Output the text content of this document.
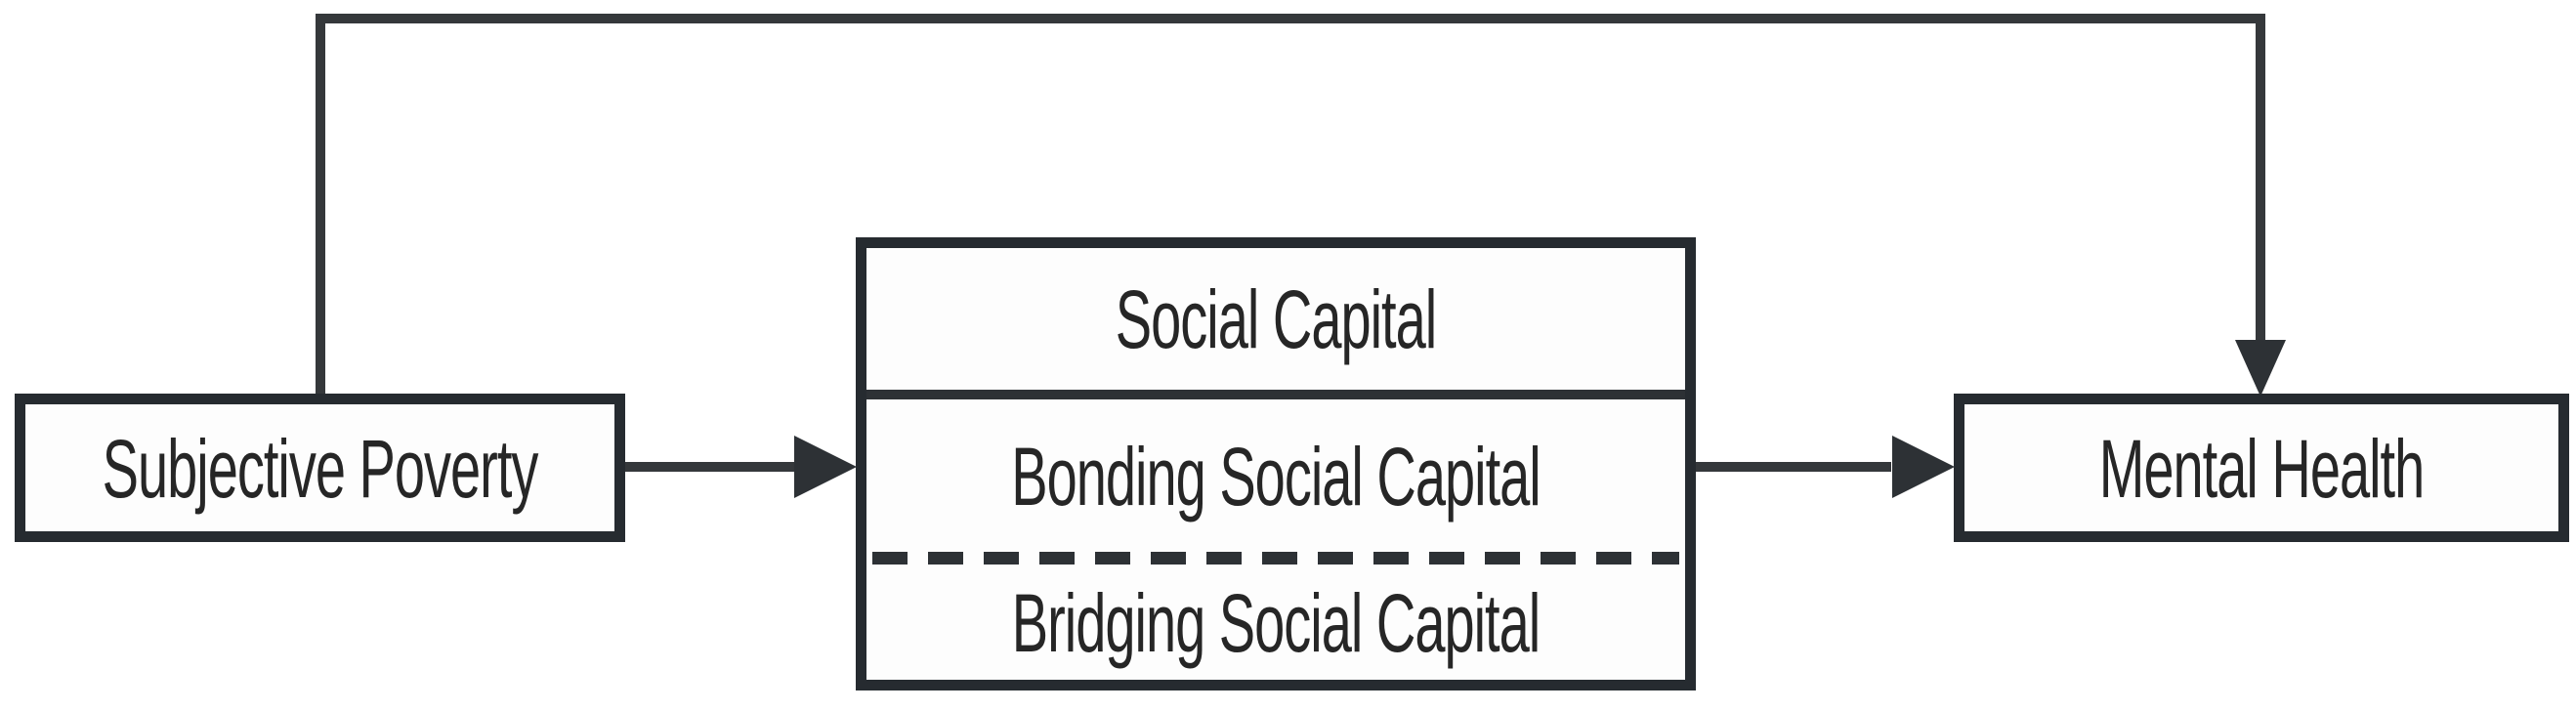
Subjective Poverty
Social Capital
Bonding Social Capital
Bridging Social Capital
Mental Health
